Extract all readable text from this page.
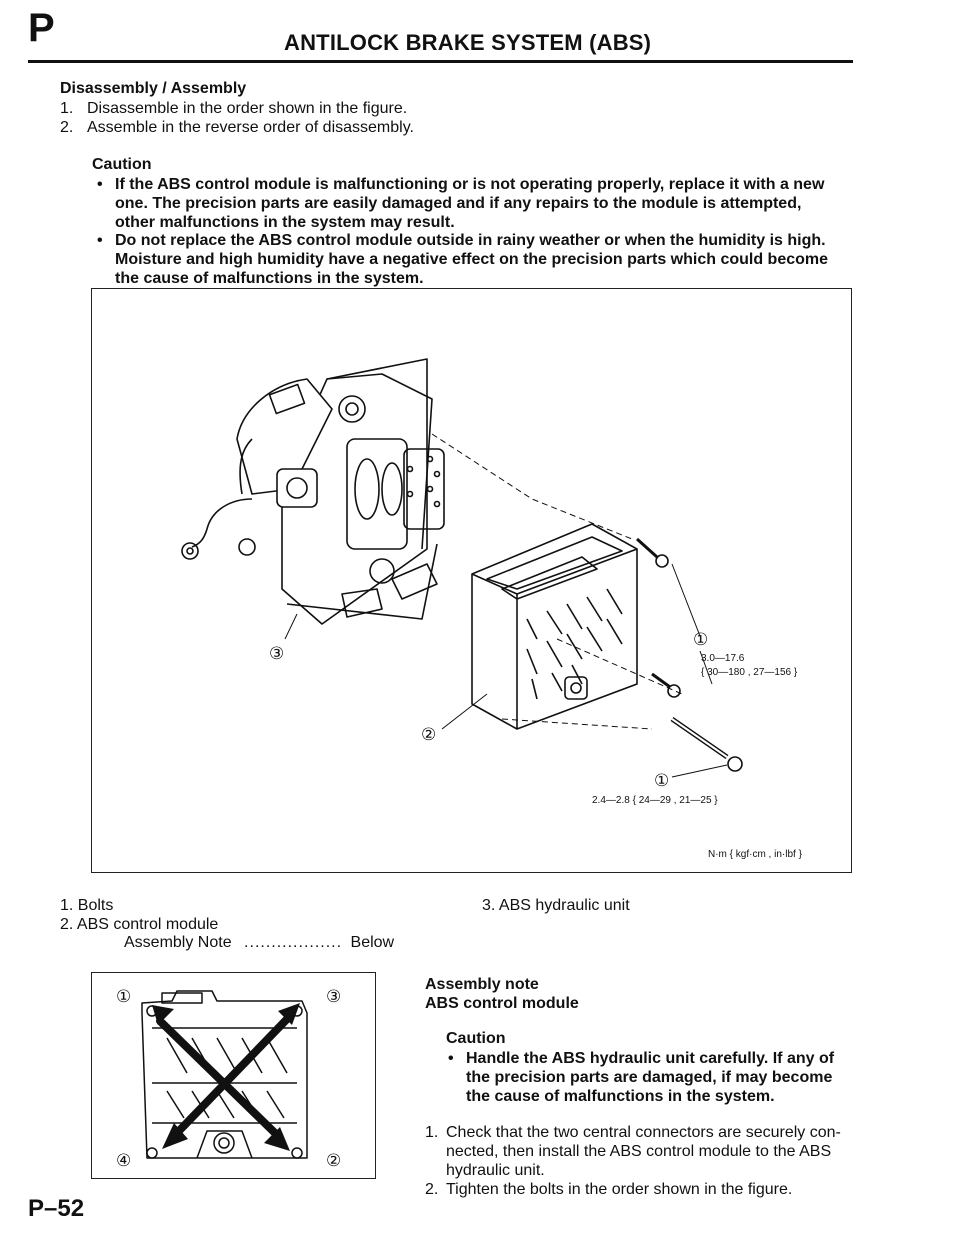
P	ANTILOCK BRAKE SYSTEM (ABS)
Disassembly / Assembly
1. Disassemble in the order shown in the figure.
2. Assemble in the reverse order of disassembly.
Caution
• If the ABS control module is malfunctioning or is not operating properly, replace it with a new
one. The precision parts are easily damaged and if any repairs to the module is attempted,
other malfunctions in the system may result.
• Do not replace the ABS control module outside in rainy weather or when the humidity is high.
Moisture and high humidity have a negative effect on the precision parts which could become
the cause of malfunctions in the system.
③
②
①
3.0—17.6
{ 30—180 , 27—156 }
①
2.4—2.8 { 24—29 , 21—25 }
N·m { kgf·cm , in·lbf }
1. Bolts
2. ABS control module
Assembly Note .................. Below
3. ABS hydraulic unit
①	③
④	②
Assembly note
ABS control module
Caution
• Handle the ABS hydraulic unit carefully. If any of
the precision parts are damaged, if may become
the cause of malfunctions in the system.
1. Check that the two central connectors are securely con-
nected, then install the ABS control module to the ABS
hydraulic unit.
2. Tighten the bolts in the order shown in the figure.
P–52
